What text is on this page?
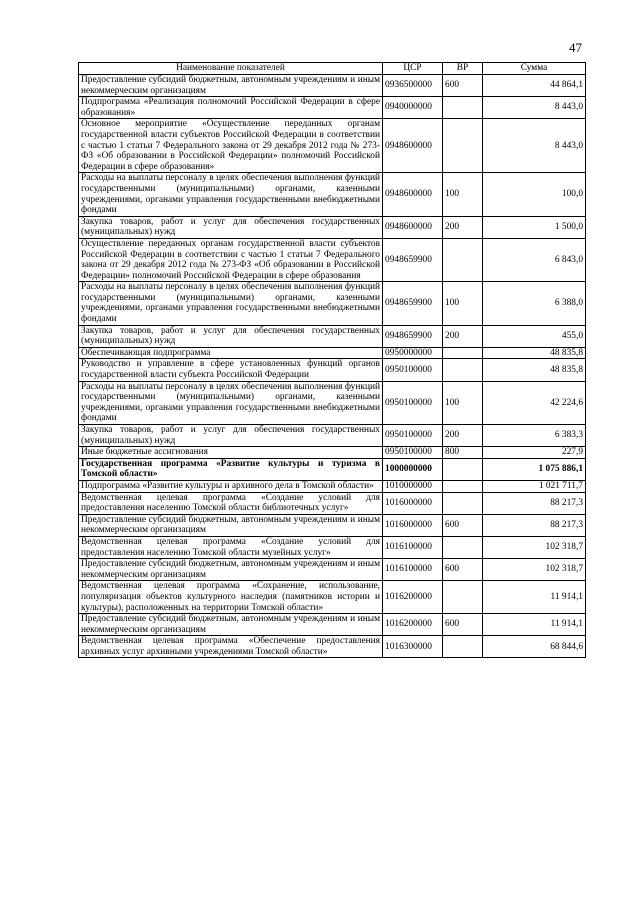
47
Наименование показателей	ЦСР	ВР	Сумма
Предоставление субсидий бюджетным, автономным учреждениям и иным некоммерческим организациям	0936500000	600	44 864,1
Подпрограмма «Реализация полномочий Российской Федерации в сфере образования»	0940000000		8 443,0
Основное мероприятие «Осуществление переданных органам государственной власти субъектов Российской Федерации в соответствии с частью 1 статьи 7 Федерального закона от 29 декабря 2012 года № 273-ФЗ «Об образовании в Российской Федерации» полномочий Российской Федерации в сфере образования»	0948600000		8 443,0
Расходы на выплаты персоналу в целях обеспечения выполнения функций государственными (муниципальными) органами, казенными учреждениями, органами управления государственными внебюджетными фондами	0948600000	100	100,0
Закупка товаров, работ и услуг для обеспечения государственных (муниципальных) нужд	0948600000	200	1 500,0
Осуществление переданных органам государственной власти субъектов Российской Федерации в соответствии с частью 1 статьи 7 Федерального закона от 29 декабря 2012 года № 273-ФЗ «Об образовании в Российской Федерации» полномочий Российской Федерации в сфере образования	0948659900		6 843,0
Расходы на выплаты персоналу в целях обеспечения выполнения функций государственными (муниципальными) органами, казенными учреждениями, органами управления государственными внебюджетными фондами	0948659900	100	6 388,0
Закупка товаров, работ и услуг для обеспечения государственных (муниципальных) нужд	0948659900	200	455,0
Обеспечивающая подпрограмма	0950000000		48 835,8
Руководство и управление в сфере установленных функций органов государственной власти субъекта Российской Федерации	0950100000		48 835,8
Расходы на выплаты персоналу в целях обеспечения выполнения функций государственными (муниципальными) органами, казенными учреждениями, органами управления государственными внебюджетными фондами	0950100000	100	42 224,6
Закупка товаров, работ и услуг для обеспечения государственных (муниципальных) нужд	0950100000	200	6 383,3
Иные бюджетные ассигнования	0950100000	800	227,9
Государственная программа «Развитие культуры и туризма в Томской области»	1000000000		1 075 886,1
Подпрограмма «Развитие культуры и архивного дела в Томской области»	1010000000		1 021 711,7
Ведомственная целевая программа «Создание условий для предоставления населению Томской области библиотечных услуг»	1016000000		88 217,3
Предоставление субсидий бюджетным, автономным учреждениям и иным некоммерческим организациям	1016000000	600	88 217,3
Ведомственная целевая программа «Создание условий для предоставления населению Томской области музейных услуг»	1016100000		102 318,7
Предоставление субсидий бюджетным, автономным учреждениям и иным некоммерческим организациям	1016100000	600	102 318,7
Ведомственная целевая программа «Сохранение, использование, популяризация объектов культурного наследия (памятников истории и культуры), расположенных на территории Томской области»	1016200000		11 914,1
Предоставление субсидий бюджетным, автономным учреждениям и иным некоммерческим организациям	1016200000	600	11 914,1
Ведомственная целевая программа «Обеспечение предоставления архивных услуг архивными учреждениями Томской области»	1016300000		68 844,6
